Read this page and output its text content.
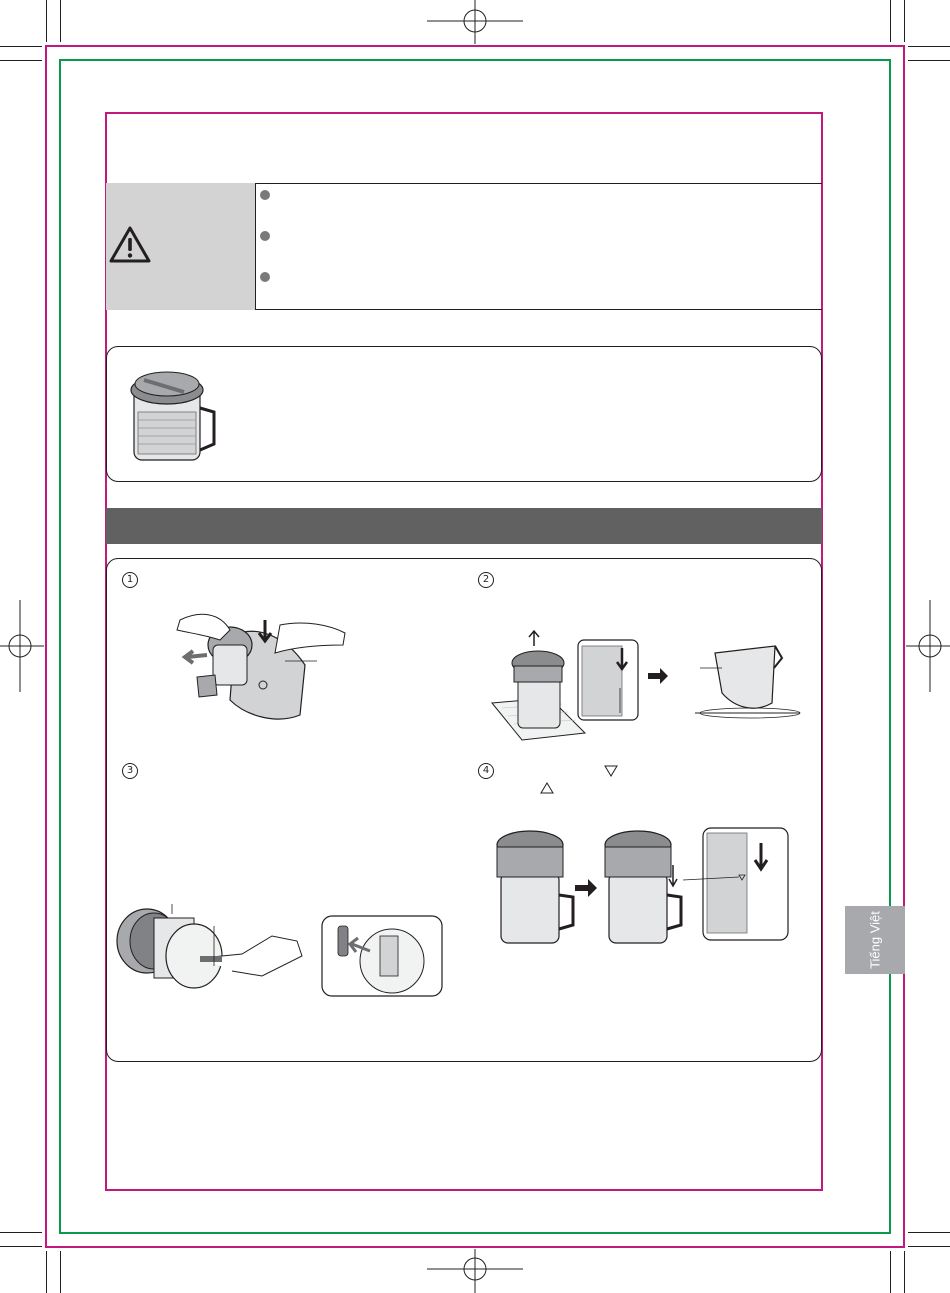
1	2
3	4
Tiếng Việt
